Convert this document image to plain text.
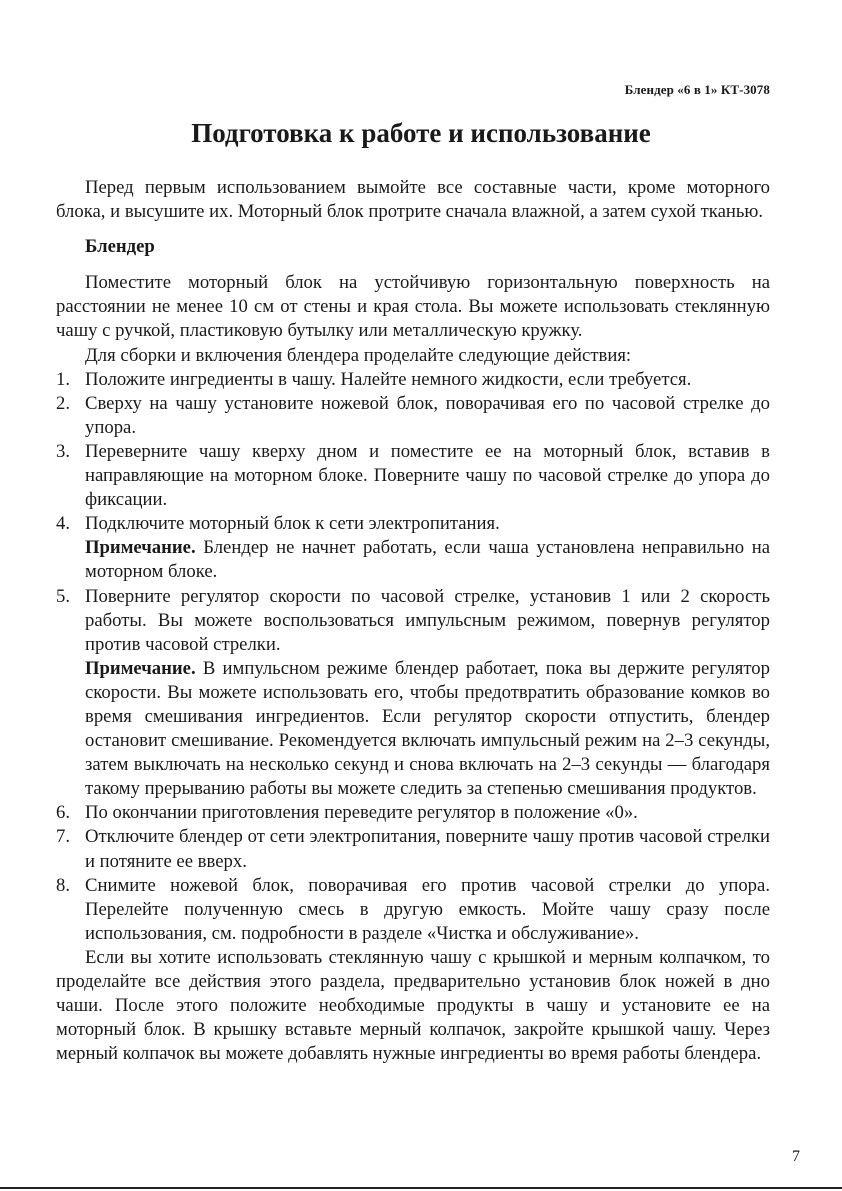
Блендер «6 в 1» КТ-3078
Подготовка к работе и использование

Перед первым использованием вымойте все составные части, кроме моторного блока, и высушите их. Моторный блок протрите сначала влажной, а затем сухой тканью.

Блендер

Поместите моторный блок на устойчивую горизонтальную поверхность на расстоянии не менее 10 см от стены и края стола. Вы можете использовать стеклянную чашу с ручкой, пластиковую бутылку или металлическую кружку.

Для сборки и включения блендера проделайте следующие действия:

1. Положите ингредиенты в чашу. Налейте немного жидкости, если требуется.
2. Сверху на чашу установите ножевой блок, поворачивая его по часовой стрелке до упора.
3. Переверните чашу кверху дном и поместите ее на моторный блок, вставив в направляющие на моторном блоке. Поверните чашу по часовой стрелке до упора до фиксации.
4. Подключите моторный блок к сети электропитания.
Примечание. Блендер не начнет работать, если чаша установлена неправильно на моторном блоке.
5. Поверните регулятор скорости по часовой стрелке, установив 1 или 2 скорость работы. Вы можете воспользоваться импульсным режимом, повернув регулятор против часовой стрелки.
Примечание. В импульсном режиме блендер работает, пока вы держите регулятор скорости. Вы можете использовать его, чтобы предотвратить образование комков во время смешивания ингредиентов. Если регулятор скорости отпустить, блендер остановит смешивание. Рекомендуется включать импульсный режим на 2–3 секунды, затем выключать на несколько секунд и снова включать на 2–3 секунды — благодаря такому прерыванию работы вы можете следить за степенью смешивания продуктов.
6. По окончании приготовления переведите регулятор в положение «0».
7. Отключите блендер от сети электропитания, поверните чашу против часовой стрелки и потяните ее вверх.
8. Снимите ножевой блок, поворачивая его против часовой стрелки до упора. Перелейте полученную смесь в другую емкость. Мойте чашу сразу после использования, см. подробности в разделе «Чистка и обслуживание».

Если вы хотите использовать стеклянную чашу с крышкой и мерным колпачком, то проделайте все действия этого раздела, предварительно установив блок ножей в дно чаши. После этого положите необходимые продукты в чашу и установите ее на моторный блок. В крышку вставьте мерный колпачок, закройте крышкой чашу. Через мерный колпачок вы можете добавлять нужные ингредиенты во время работы блендера.

7
